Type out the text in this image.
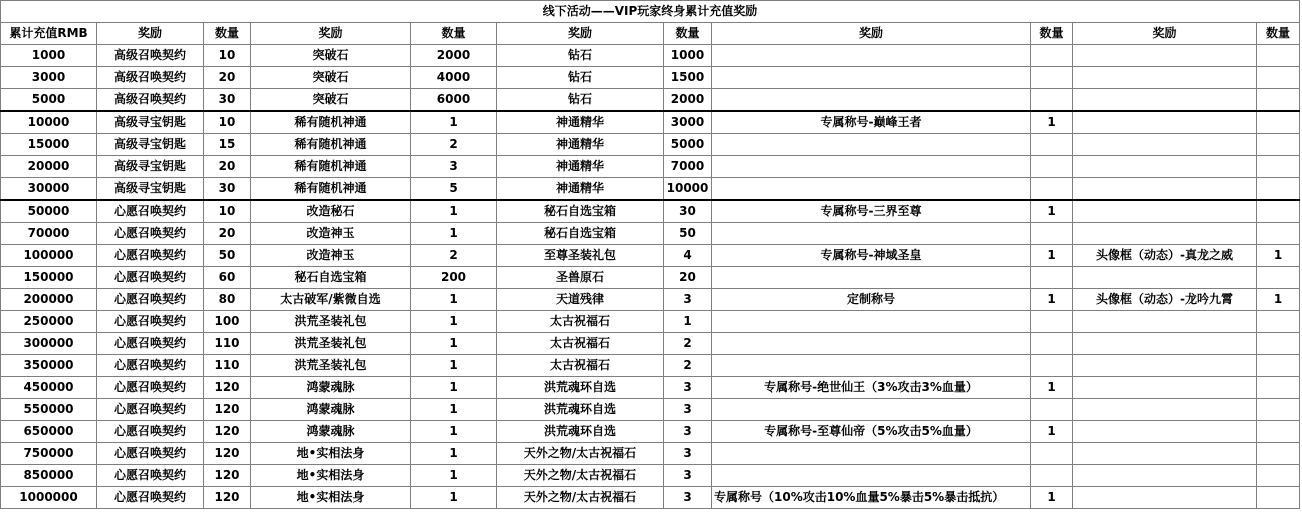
线下活动——VIP玩家终身累计充值奖励										
累计充值RMB	奖励	数量	奖励	数量	奖励	数量	奖励	数量	奖励	数量
1000	高级召唤契约	10	突破石	2000	钻石	1000				
3000	高级召唤契约	20	突破石	4000	钻石	1500				
5000	高级召唤契约	30	突破石	6000	钻石	2000				
10000	高级寻宝钥匙	10	稀有随机神通	1	神通精华	3000	专属称号-巅峰王者	1		
15000	高级寻宝钥匙	15	稀有随机神通	2	神通精华	5000				
20000	高级寻宝钥匙	20	稀有随机神通	3	神通精华	7000				
30000	高级寻宝钥匙	30	稀有随机神通	5	神通精华	10000				
50000	心愿召唤契约	10	改造秘石	1	秘石自选宝箱	30	专属称号-三界至尊	1		
70000	心愿召唤契约	20	改造神玉	1	秘石自选宝箱	50				
100000	心愿召唤契约	50	改造神玉	2	至尊圣装礼包	4	专属称号-神域圣皇	1	头像框（动态）-真龙之威	1
150000	心愿召唤契约	60	秘石自选宝箱	200	圣兽原石	20				
200000	心愿召唤契约	80	太古破军/紫微自选	1	天道残律	3	定制称号	1	头像框（动态）-龙吟九霄	1
250000	心愿召唤契约	100	洪荒圣装礼包	1	太古祝福石	1				
300000	心愿召唤契约	110	洪荒圣装礼包	1	太古祝福石	2				
350000	心愿召唤契约	110	洪荒圣装礼包	1	太古祝福石	2				
450000	心愿召唤契约	120	鸿蒙魂脉	1	洪荒魂环自选	3	专属称号-绝世仙王（3%攻击3%血量）	1		
550000	心愿召唤契约	120	鸿蒙魂脉	1	洪荒魂环自选	3				
650000	心愿召唤契约	120	鸿蒙魂脉	1	洪荒魂环自选	3	专属称号-至尊仙帝（5%攻击5%血量）	1		
750000	心愿召唤契约	120	地•实相法身	1	天外之物/太古祝福石	3				
850000	心愿召唤契约	120	地•实相法身	1	天外之物/太古祝福石	3				
1000000	心愿召唤契约	120	地•实相法身	1	天外之物/太古祝福石	3	专属称号（10%攻击10%血量5%暴击5%暴击抵抗）	1		
